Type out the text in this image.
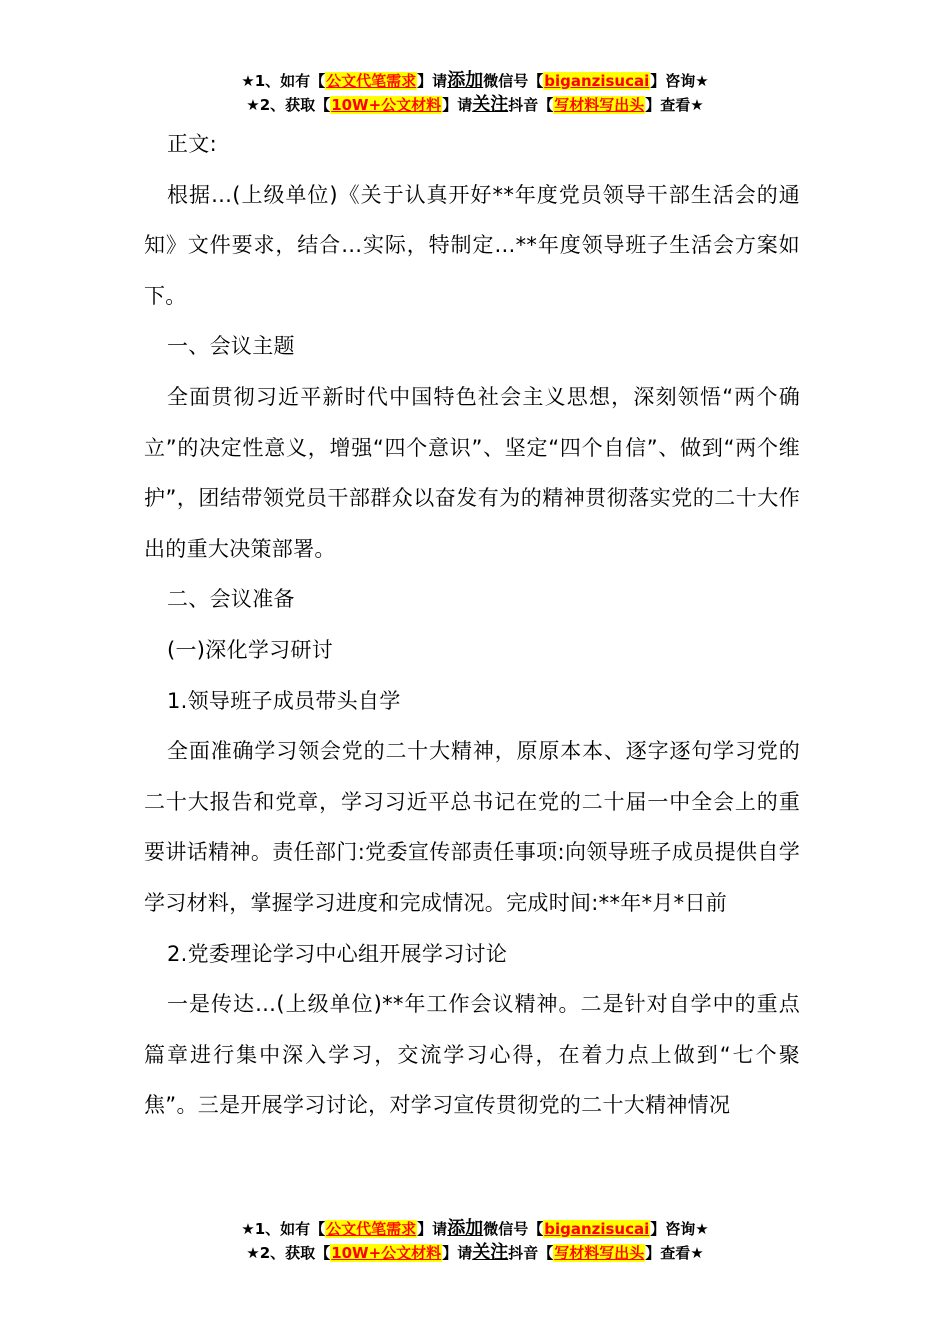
★1、如有【公文代笔需求】请添加微信号【biganzisucai】咨询★
★2、获取【10W+公文材料】请关注抖音【写材料写出头】查看★

正文:

根据…(上级单位)《关于认真开好**年度党员领导干部生活会的通知》文件要求，结合…实际，特制定…**年度领导班子生活会方案如下。

一、会议主题

全面贯彻习近平新时代中国特色社会主义思想，深刻领悟“两个确立”的决定性意义，增强“四个意识”、坚定“四个自信”、做到“两个维护”，团结带领党员干部群众以奋发有为的精神贯彻落实党的二十大作出的重大决策部署。

二、会议准备

(一)深化学习研讨

1.领导班子成员带头自学

全面准确学习领会党的二十大精神，原原本本、逐字逐句学习党的二十大报告和党章，学习习近平总书记在党的二十届一中全会上的重要讲话精神。责任部门:党委宣传部责任事项:向领导班子成员提供自学学习材料，掌握学习进度和完成情况。完成时间:**年*月*日前

2.党委理论学习中心组开展学习讨论

一是传达…(上级单位)**年工作会议精神。二是针对自学中的重点篇章进行集中深入学习，交流学习心得，在着力点上做到“七个聚焦”。三是开展学习讨论，对学习宣传贯彻党的二十大精神情况

★1、如有【公文代笔需求】请添加微信号【biganzisucai】咨询★
★2、获取【10W+公文材料】请关注抖音【写材料写出头】查看★
